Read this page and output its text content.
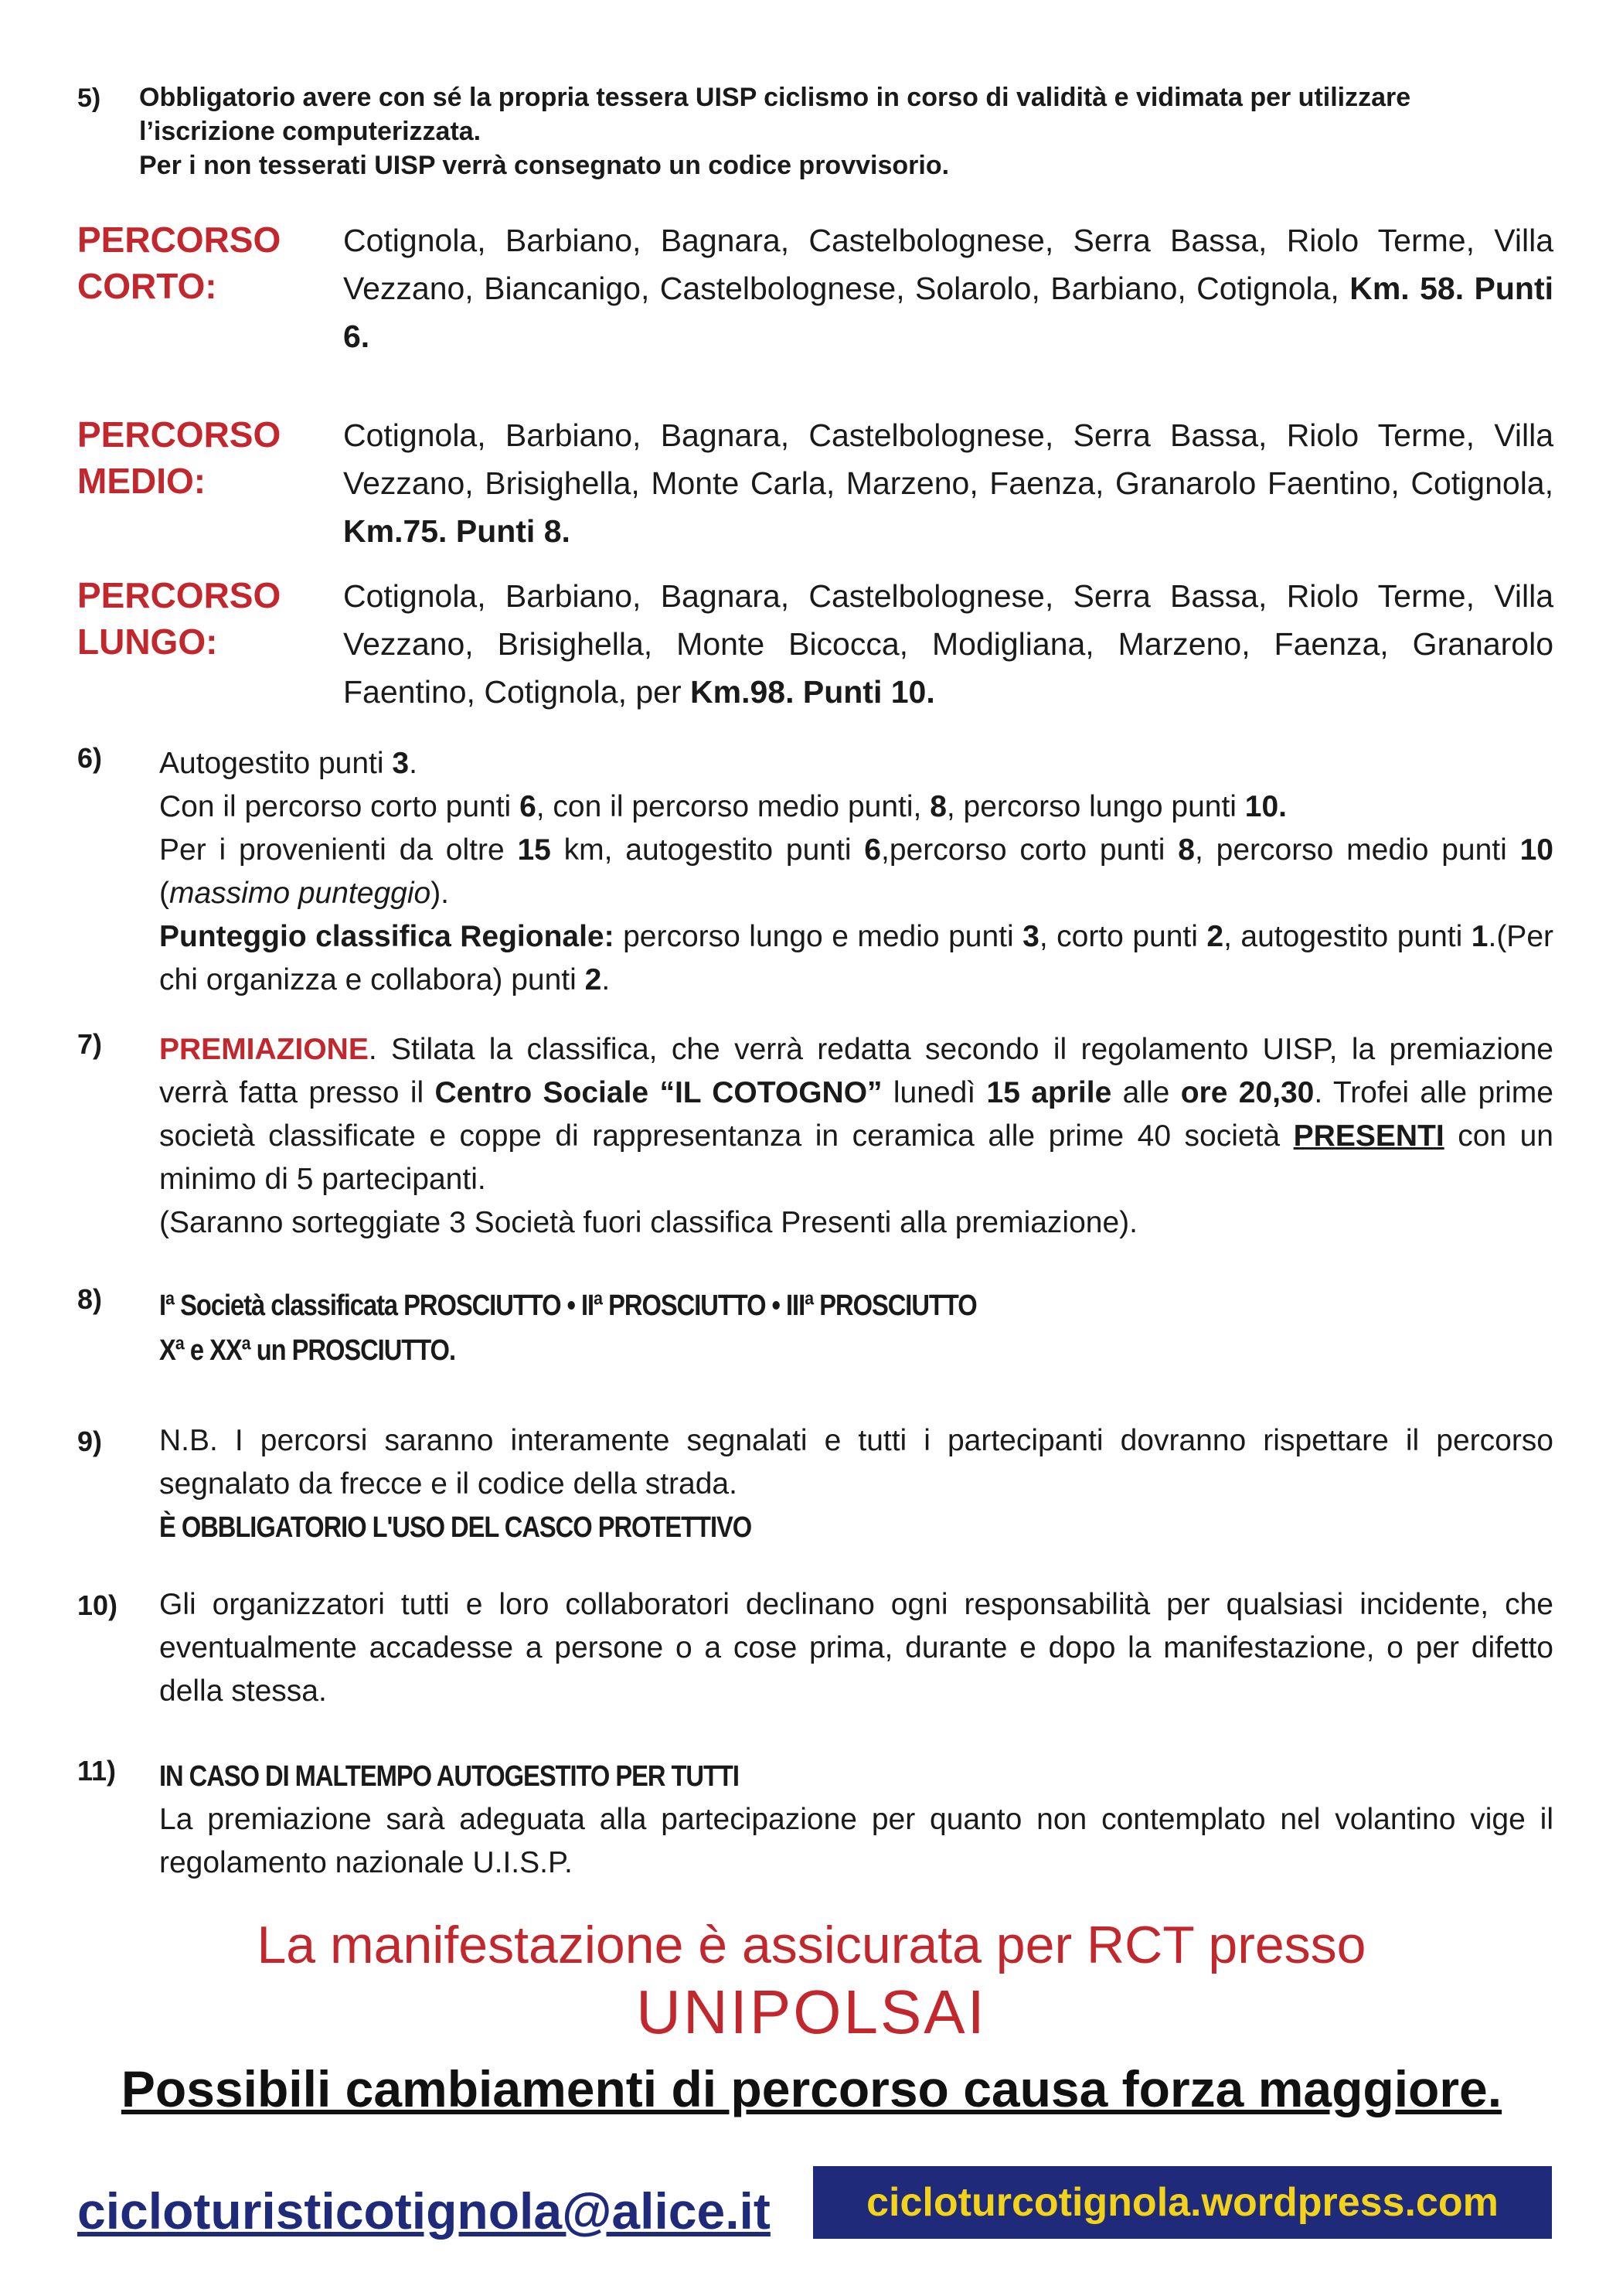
5) Obbligatorio avere con sé la propria tessera UISP ciclismo in corso di validità e vidimata per utilizzare l’iscrizione computerizzata.
Per i non tesserati UISP verrà consegnato un codice provvisorio.
PERCORSO
CORTO:
Cotignola, Barbiano, Bagnara, Castelbolognese, Serra Bassa, Riolo Terme, Villa Vezzano, Biancanigo, Castelbolognese, Solarolo, Barbiano, Cotignola, Km. 58. Punti 6.
PERCORSO
MEDIO:
Cotignola, Barbiano, Bagnara, Castelbolognese, Serra Bassa, Riolo Terme, Villa Vezzano, Brisighella, Monte Carla, Marzeno, Faenza, Granarolo Faentino, Cotignola, Km.75. Punti 8.
PERCORSO
LUNGO:
Cotignola, Barbiano, Bagnara, Castelbolognese, Serra Bassa, Riolo Terme, Villa Vezzano, Brisighella, Monte Bicocca, Modigliana, Marzeno, Faenza, Granarolo Faentino, Cotignola, per Km.98. Punti 10.
6) Autogestito punti 3.
Con il percorso corto punti 6, con il percorso medio punti, 8, percorso lungo punti 10.
Per i provenienti da oltre 15 km, autogestito punti 6,percorso corto punti 8, percorso medio punti 10 (massimo punteggio).
Punteggio classifica Regionale: percorso lungo e medio punti 3, corto punti 2, autogestito punti 1.(Per chi organizza e collabora) punti 2.
7) PREMIAZIONE. Stilata la classifica, che verrà redatta secondo il regolamento UISP, la premiazione verrà fatta presso il Centro Sociale “IL COTOGNO” lunedì 15 aprile alle ore 20,30. Trofei alle prime società classificate e coppe di rappresentanza in ceramica alle prime 40 società PRESENTI con un minimo di 5 partecipanti.
(Saranno sorteggiate 3 Società fuori classifica Presenti alla premiazione).
8) Iª Società classificata PROSCIUTTO • IIª PROSCIUTTO • IIIª PROSCIUTTO
Xª e XXª un PROSCIUTTO.
9) N.B. I percorsi saranno interamente segnalati e tutti i partecipanti dovranno rispettare il percorso segnalato da frecce e il codice della strada.
È OBBLIGATORIO L'USO DEL CASCO PROTETTIVO
10) Gli organizzatori tutti e loro collaboratori declinano ogni responsabilità per qualsiasi incidente, che eventualmente accadesse a persone o a cose prima, durante e dopo la manifestazione, o per difetto della stessa.
11) IN CASO DI MALTEMPO AUTOGESTITO PER TUTTI
La premiazione sarà adeguata alla partecipazione per quanto non contemplato nel volantino vige il regolamento nazionale U.I.S.P.
La manifestazione è assicurata per RCT presso
UNIPOLSAI
Possibili cambiamenti di percorso causa forza maggiore.
cicloturisticotignola@alice.it	cicloturcotignola.wordpress.com
